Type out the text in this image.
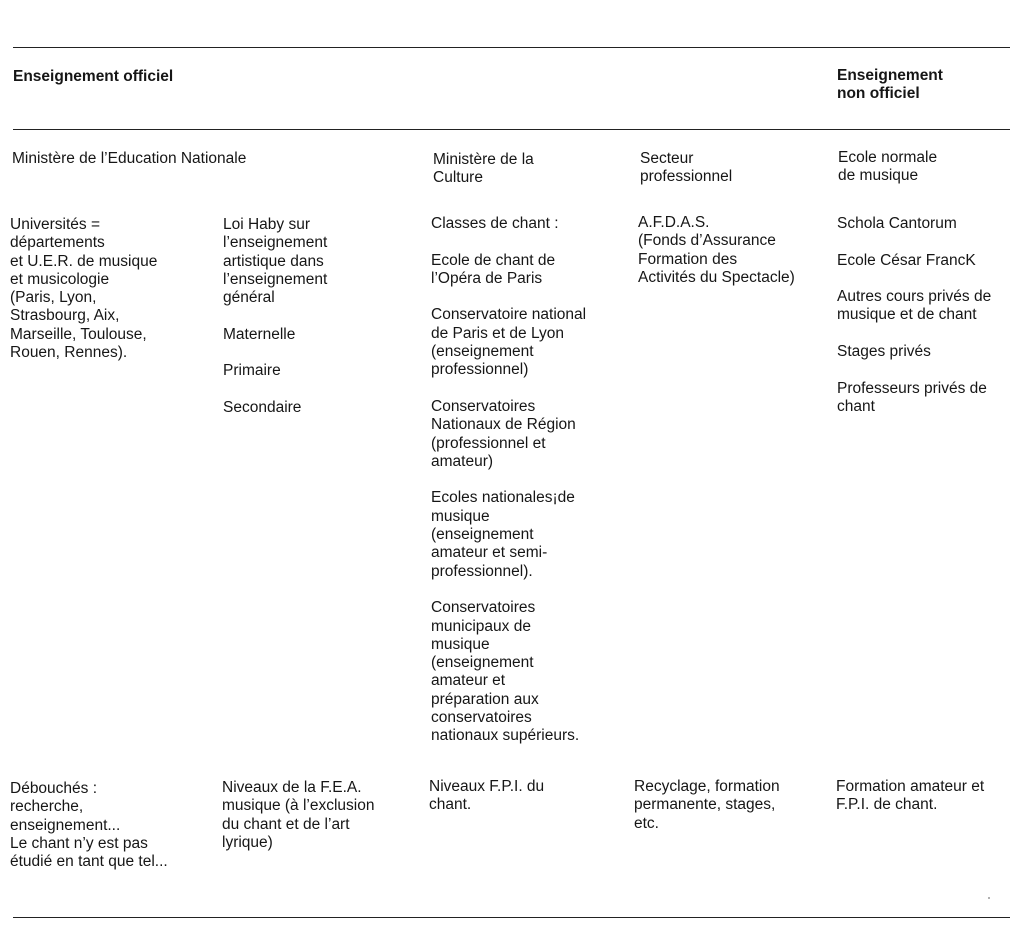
Enseignement officiel	Enseignement
non officiel
Ministère de l’Education Nationale	Ministère de la
Culture
Secteur
professionnel
Ecole normale
de musique
Universités =
départements
et U.E.R. de musique
et musicologie
(Paris, Lyon,
Strasbourg, Aix,
Marseille, Toulouse,
Rouen, Rennes).
Loi Haby sur
l’enseignement
artistique dans
l’enseignement
général
Maternelle
Primaire
Secondaire
Classes de chant :
Ecole de chant de
l’Opéra de Paris
Conservatoire national
de Paris et de Lyon
(enseignement
professionnel)
Conservatoires
Nationaux de Région
(professionnel et
amateur)
Ecoles nationales¡de
musique
(enseignement
amateur et semi-
professionnel).
Conservatoires
municipaux de
musique
(enseignement
amateur et
préparation aux
conservatoires
nationaux supérieurs.
A.F.D.A.S.
(Fonds d’Assurance
Formation des
Activités du Spectacle)
Schola Cantorum
Ecole César FrancK
Autres cours privés de
musique et de chant
Stages privés
Professeurs privés de
chant
Débouchés :
recherche,
enseignement...
Le chant n’y est pas
étudié en tant que tel...
Niveaux de la F.E.A.
musique (à l’exclusion
du chant et de l’art
lyrique)
Niveaux F.P.I. du
chant.
Recyclage, formation
permanente, stages,
etc.
Formation amateur et
F.P.I. de chant.
